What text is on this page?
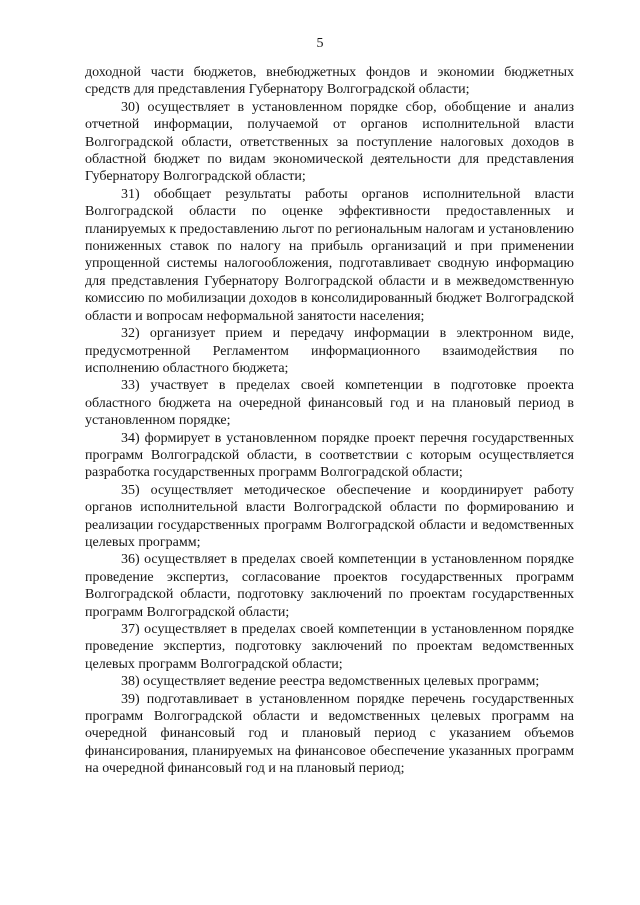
5

доходной части бюджетов, внебюджетных фондов и экономии бюджетных средств для представления Губернатору Волгоградской области;

30) осуществляет в установленном порядке сбор, обобщение и анализ отчетной информации, получаемой от органов исполнительной власти Волгоградской области, ответственных за поступление налоговых доходов в областной бюджет по видам экономической деятельности для представления Губернатору Волгоградской области;

31) обобщает результаты работы органов исполнительной власти Волгоградской области по оценке эффективности предоставленных и планируемых к предоставлению льгот по региональным налогам и установлению пониженных ставок по налогу на прибыль организаций и при применении упрощенной системы налогообложения, подготавливает сводную информацию для представления Губернатору Волгоградской области и в межведомственную комиссию по мобилизации доходов в консолидированный бюджет Волгоградской области и вопросам неформальной занятости населения;

32) организует прием и передачу информации в электронном виде, предусмотренной Регламентом информационного взаимодействия по исполнению областного бюджета;

33) участвует в пределах своей компетенции в подготовке проекта областного бюджета на очередной финансовый год и на плановый период в установленном порядке;

34) формирует в установленном порядке проект перечня государственных программ Волгоградской области, в соответствии с которым осуществляется разработка государственных программ Волгоградской области;

35) осуществляет методическое обеспечение и координирует работу органов исполнительной власти Волгоградской области по формированию и реализации государственных программ Волгоградской области и ведомственных целевых программ;

36) осуществляет в пределах своей компетенции в установленном порядке проведение экспертиз, согласование проектов государственных программ Волгоградской области, подготовку заключений по проектам государственных программ Волгоградской области;

37) осуществляет в пределах своей компетенции в установленном порядке проведение экспертиз, подготовку заключений по проектам ведомственных целевых программ Волгоградской области;

38) осуществляет ведение реестра ведомственных целевых программ;

39) подготавливает в установленном порядке перечень государственных программ Волгоградской области и ведомственных целевых программ на очередной финансовый год и плановый период с указанием объемов финансирования, планируемых на финансовое обеспечение указанных программ на очередной финансовый год и на плановый период;
